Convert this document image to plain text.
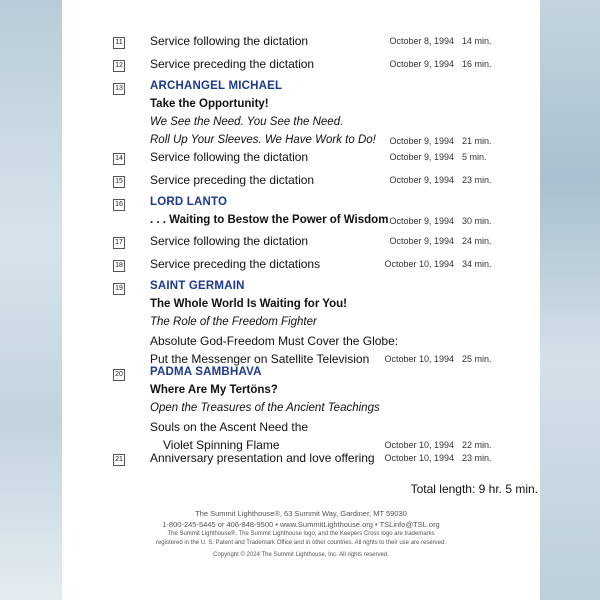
11 Service following the dictation	October 8, 1994 14 min.
12 Service preceding the dictation	October 9, 1994 16 min.
13 ARCHANGEL MICHAEL
Take the Opportunity!
We See the Need. You See the Need.
Roll Up Your Sleeves. We Have Work to Do! October 9, 1994 21 min.
14 Service following the dictation	October 9, 1994 5 min.
15 Service preceding the dictation	October 9, 1994 23 min.
16 LORD LANTO
. . . Waiting to Bestow the Power of Wisdom October 9, 1994 30 min.
17 Service following the dictation	October 9, 1994 24 min.
18 Service preceding the dictations	October 10, 1994 34 min.
19 SAINT GERMAIN
The Whole World Is Waiting for You!
The Role of the Freedom Fighter
Absolute God-Freedom Must Cover the Globe:
Put the Messenger on Satellite Television October 10, 1994 25 min.
20 PADMA SAMBHAVA
Where Are My Tertöns?
Open the Treasures of the Ancient Teachings
Souls on the Ascent Need the
Violet Spinning Flame	October 10, 1994 22 min.
21 Anniversary presentation and love offering October 10, 1994 23 min.
Total length: 9 hr. 5 min.
The Summit Lighthouse®, 63 Summit Way, Gardiner, MT 59030
1-800-245-5445 or 406-848-9500 • www.SummitLighthouse.org • TSLinfo@TSL.org
The Summit Lighthouse®, The Summit Lighthouse logo, and the Keepers Cross logo are trademarks
registered in the U. S. Patent and Trademark Office and in other countries. All rights to their use are reserved.
Copyright © 2024 The Summit Lighthouse, Inc. All rights reserved.
